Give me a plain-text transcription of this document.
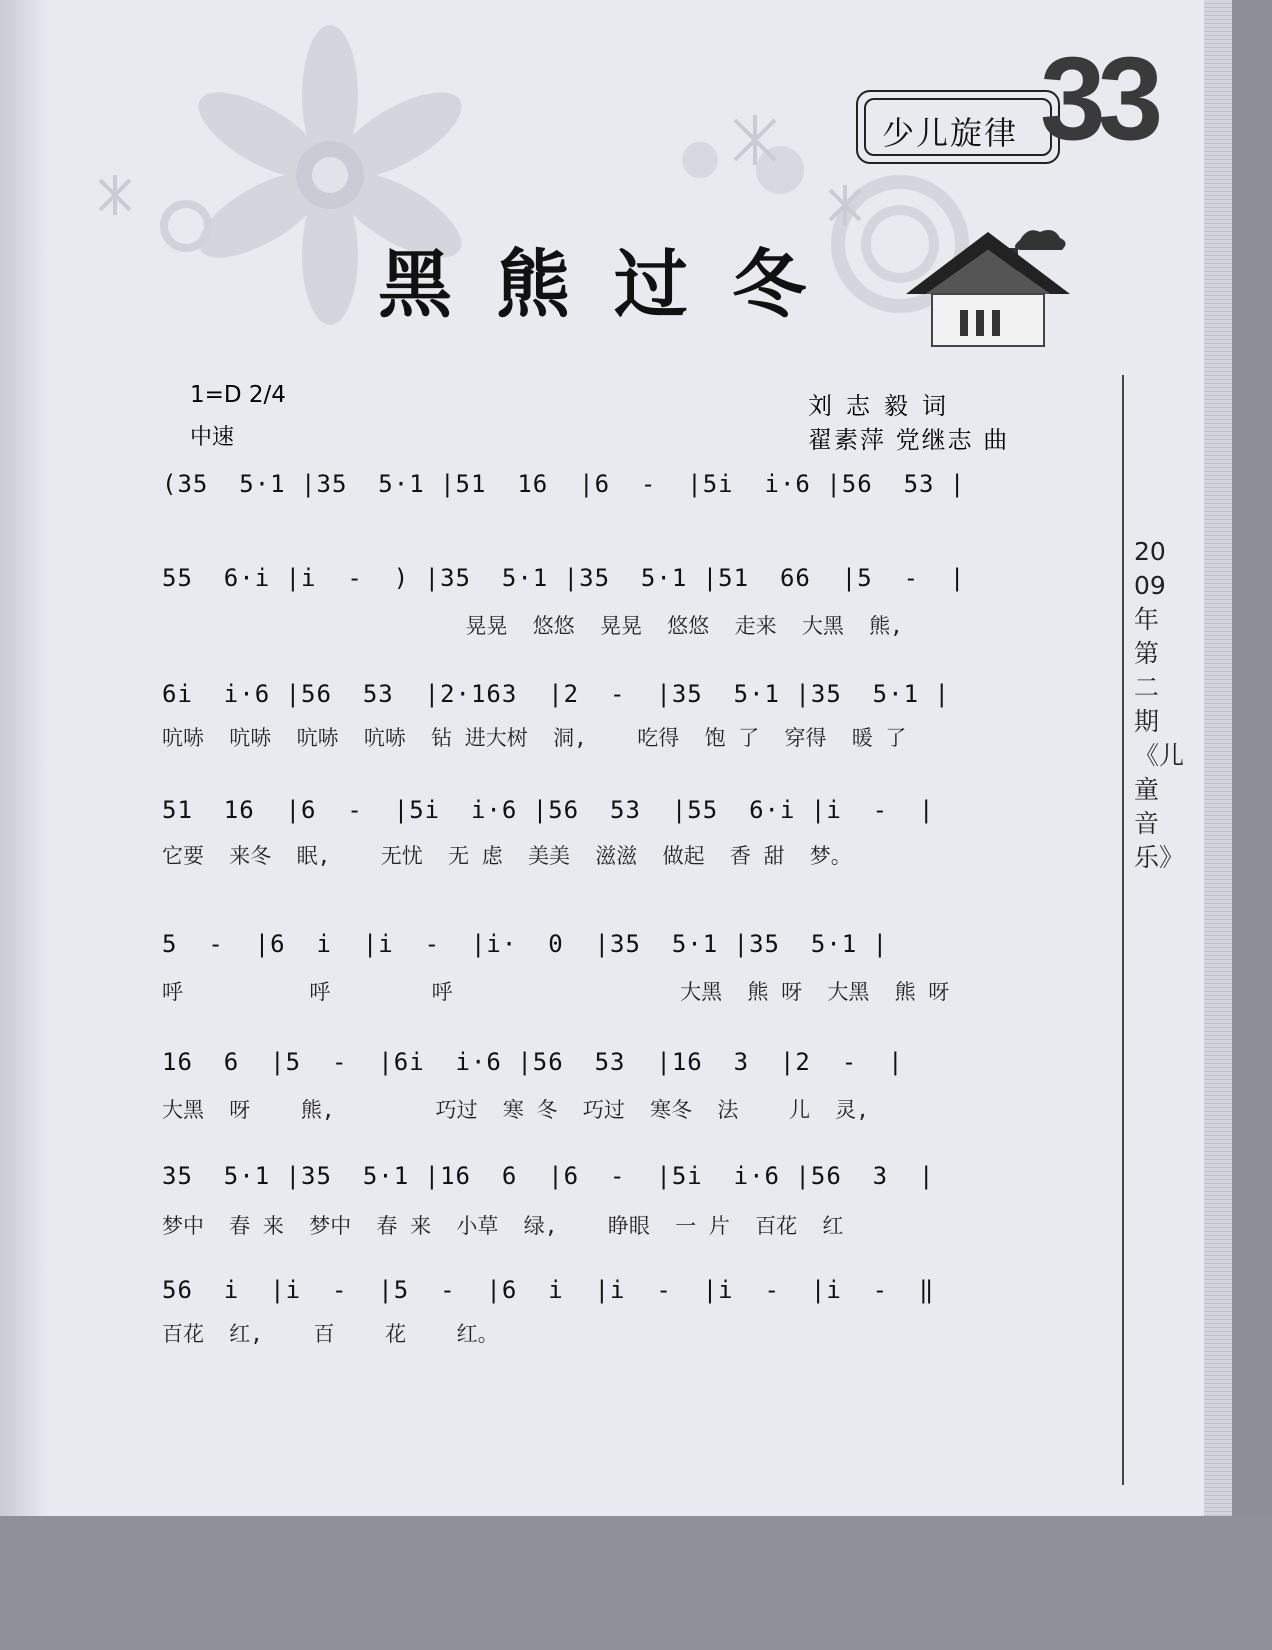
少儿旋律 33
黑熊过冬
1=D 2/4
中速
刘志毅词
翟素萍 党继志 曲
2009年第二期《儿童音乐》
(35  5·1 |35  5·1 |51  16  |6  -  |5i  i·6 |56  53 |
55  6·i |i  -  ) |35  5·1 |35  5·1 |51  66  |5  -  |
晃晃  悠悠  晃晃  悠悠  走来  大黑  熊,
6i  i·6 |56  53  |2·163  |2  -  |35  5·1 |35  5·1 |
吭哧  吭哧  吭哧  吭哧  钻 进大树  洞,    吃得  饱 了  穿得  暖 了
51  16  |6  -  |5i  i·6 |56  53  |55  6·i |i  -  |
它要  来冬  眠,    无忧  无 虑  美美  滋滋  做起  香 甜  梦。
5  -  |6  i  |i  -  |i·  0  |35  5·1 |35  5·1 |
呼          呼        呼                  大黑  熊 呀  大黑  熊 呀
16  6  |5  -  |6i  i·6 |56  53  |16  3  |2  -  |
大黑  呀    熊,        巧过  寒 冬  巧过  寒冬  法    儿  灵,
35  5·1 |35  5·1 |16  6  |6  -  |5i  i·6 |56  3  |
梦中  春 来  梦中  春 来  小草  绿,    睁眼  一 片  百花  红
56  i  |i  -  |5  -  |6  i  |i  -  |i  -  |i  -  ‖
百花  红,    百    花    红。
